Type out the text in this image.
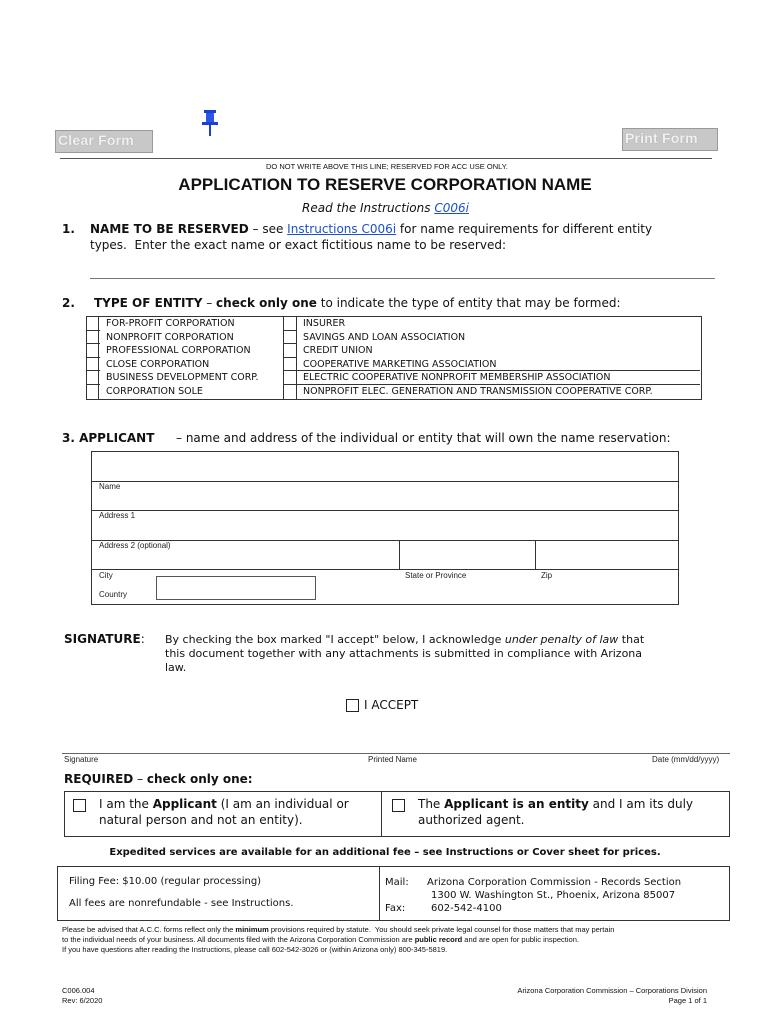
Clear Form	Print Form
DO NOT WRITE ABOVE THIS LINE; RESERVED FOR ACC USE ONLY.
APPLICATION TO RESERVE CORPORATION NAME
Read the Instructions C006i
1. NAME TO BE RESERVED – see Instructions C006i for name requirements for different entity
types.  Enter the exact name or exact fictitious name to be reserved:
2. TYPE OF ENTITY – check only one to indicate the type of entity that may be formed:
FOR-PROFIT CORPORATION
NONPROFIT CORPORATION
PROFESSIONAL CORPORATION
CLOSE CORPORATION
BUSINESS DEVELOPMENT CORP.
CORPORATION SOLE
INSURER
SAVINGS AND LOAN ASSOCIATION
CREDIT UNION
COOPERATIVE MARKETING ASSOCIATION
ELECTRIC COOPERATIVE NONPROFIT MEMBERSHIP ASSOCIATION
NONPROFIT ELEC. GENERATION AND TRANSMISSION COOPERATIVE CORP.
3. APPLICANT – name and address of the individual or entity that will own the name reservation:
Name
Address 1
Address 2 (optional)
City	State or Province	Zip
Country
SIGNATURE: By checking the box marked "I accept" below, I acknowledge under penalty of law that
this document together with any attachments is submitted in compliance with Arizona
law.
I ACCEPT
Signature	Printed Name	Date (mm/dd/yyyy)
REQUIRED – check only one:
I am the Applicant (I am an individual or
natural person and not an entity).
The Applicant is an entity and I am its duly
authorized agent.
Expedited services are available for an additional fee – see Instructions or Cover sheet for prices.
Filing Fee: $10.00 (regular processing)
All fees are nonrefundable - see Instructions.
Mail: Arizona Corporation Commission - Records Section
1300 W. Washington St., Phoenix, Arizona 85007
Fax:	602-542-4100
Please be advised that A.C.C. forms reflect only the minimum provisions required by statute.  You should seek private legal counsel for those matters that may pertain
to the individual needs of your business. All documents filed with the Arizona Corporation Commission are public record and are open for public inspection.
If you have questions after reading the Instructions, please call 602-542-3026 or (within Arizona only) 800-345-5819.
C006.004
Rev: 6/2020
Arizona Corporation Commission – Corporations Division
Page 1 of 1
